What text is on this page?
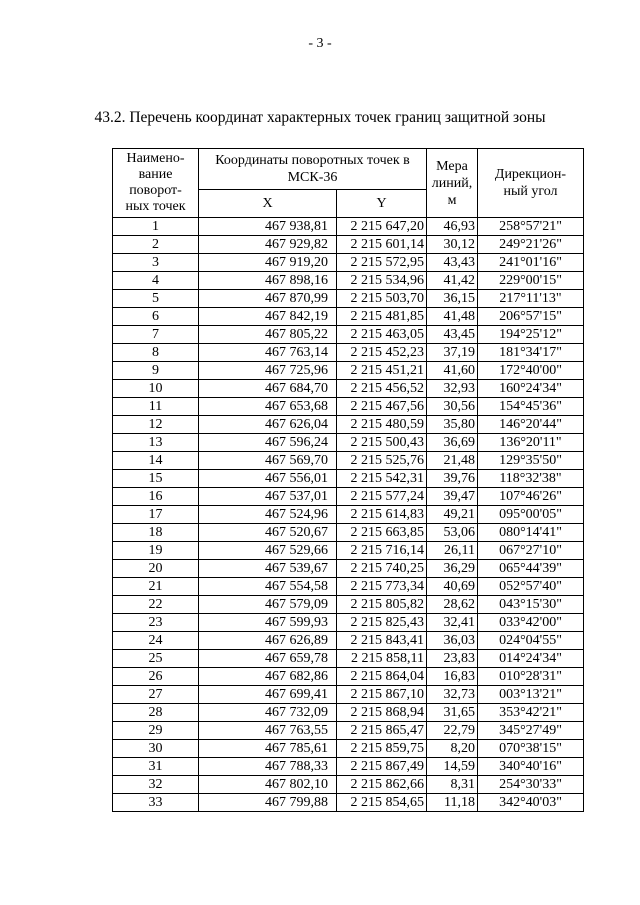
- 3 -
43.2. Перечень координат характерных точек границ защитной зоны
Наимено-вание поворот-ных точек	Координаты поворотных точек в МСК-36		Мера линий, м	Дирекцион-ный угол

	X	Y		
1	467 938,81	2 215 647,20	46,93	258°57'21"
2	467 929,82	2 215 601,14	30,12	249°21'26"
3	467 919,20	2 215 572,95	43,43	241°01'16"
4	467 898,16	2 215 534,96	41,42	229°00'15"
5	467 870,99	2 215 503,70	36,15	217°11'13"
6	467 842,19	2 215 481,85	41,48	206°57'15"
7	467 805,22	2 215 463,05	43,45	194°25'12"
8	467 763,14	2 215 452,23	37,19	181°34'17"
9	467 725,96	2 215 451,21	41,60	172°40'00"
10	467 684,70	2 215 456,52	32,93	160°24'34"
11	467 653,68	2 215 467,56	30,56	154°45'36"
12	467 626,04	2 215 480,59	35,80	146°20'44"
13	467 596,24	2 215 500,43	36,69	136°20'11"
14	467 569,70	2 215 525,76	21,48	129°35'50"
15	467 556,01	2 215 542,31	39,76	118°32'38"
16	467 537,01	2 215 577,24	39,47	107°46'26"
17	467 524,96	2 215 614,83	49,21	095°00'05"
18	467 520,67	2 215 663,85	53,06	080°14'41"
19	467 529,66	2 215 716,14	26,11	067°27'10"
20	467 539,67	2 215 740,25	36,29	065°44'39"
21	467 554,58	2 215 773,34	40,69	052°57'40"
22	467 579,09	2 215 805,82	28,62	043°15'30"
23	467 599,93	2 215 825,43	32,41	033°42'00"
24	467 626,89	2 215 843,41	36,03	024°04'55"
25	467 659,78	2 215 858,11	23,83	014°24'34"
26	467 682,86	2 215 864,04	16,83	010°28'31"
27	467 699,41	2 215 867,10	32,73	003°13'21"
28	467 732,09	2 215 868,94	31,65	353°42'21"
29	467 763,55	2 215 865,47	22,79	345°27'49"
30	467 785,61	2 215 859,75	8,20	070°38'15"
31	467 788,33	2 215 867,49	14,59	340°40'16"
32	467 802,10	2 215 862,66	8,31	254°30'33"
33	467 799,88	2 215 854,65	11,18	342°40'03"
